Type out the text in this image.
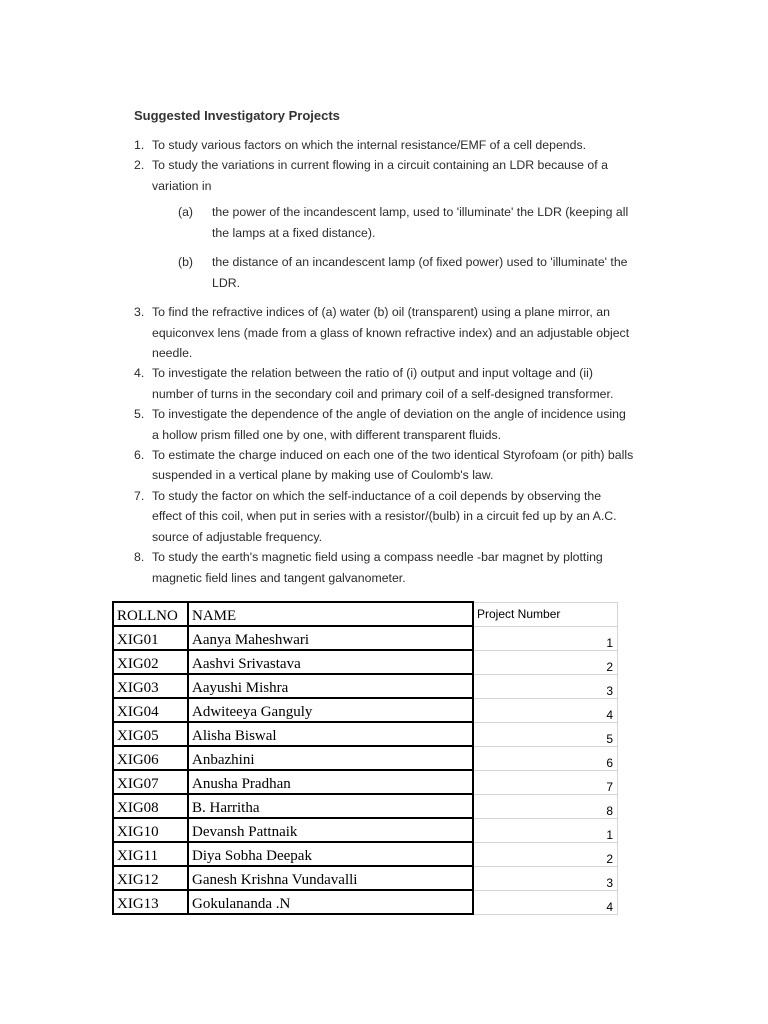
Suggested Investigatory Projects
1. To study various factors on which the internal resistance/EMF of a cell depends.
2. To study the variations in current flowing in a circuit containing an LDR because of a variation in
(a) the power of the incandescent lamp, used to 'illuminate' the LDR (keeping all the lamps at a fixed distance).
(b) the distance of an incandescent lamp (of fixed power) used to 'illuminate' the LDR.
3. To find the refractive indices of (a) water (b) oil (transparent) using a plane mirror, an equiconvex lens (made from a glass of known refractive index) and an adjustable object needle.
4. To investigate the relation between the ratio of (i) output and input voltage and (ii) number of turns in the secondary coil and primary coil of a self-designed transformer.
5. To investigate the dependence of the angle of deviation on the angle of incidence using a hollow prism filled one by one, with different transparent fluids.
6. To estimate the charge induced on each one of the two identical Styrofoam (or pith) balls suspended in a vertical plane by making use of Coulomb's law.
7. To study the factor on which the self-inductance of a coil depends by observing the effect of this coil, when put in series with a resistor/(bulb) in a circuit fed up by an A.C. source of adjustable frequency.
8. To study the earth's magnetic field using a compass needle -bar magnet by plotting magnetic field lines and tangent galvanometer.
ROLLNO	NAME	Project Number
XIG01	Aanya Maheshwari	1
XIG02	Aashvi Srivastava	2
XIG03	Aayushi Mishra	3
XIG04	Adwiteeya Ganguly	4
XIG05	Alisha Biswal	5
XIG06	Anbazhini	6
XIG07	Anusha Pradhan	7
XIG08	B. Harritha	8
XIG10	Devansh Pattnaik	1
XIG11	Diya Sobha Deepak	2
XIG12	Ganesh Krishna Vundavalli	3
XIG13	Gokulananda .N	4
